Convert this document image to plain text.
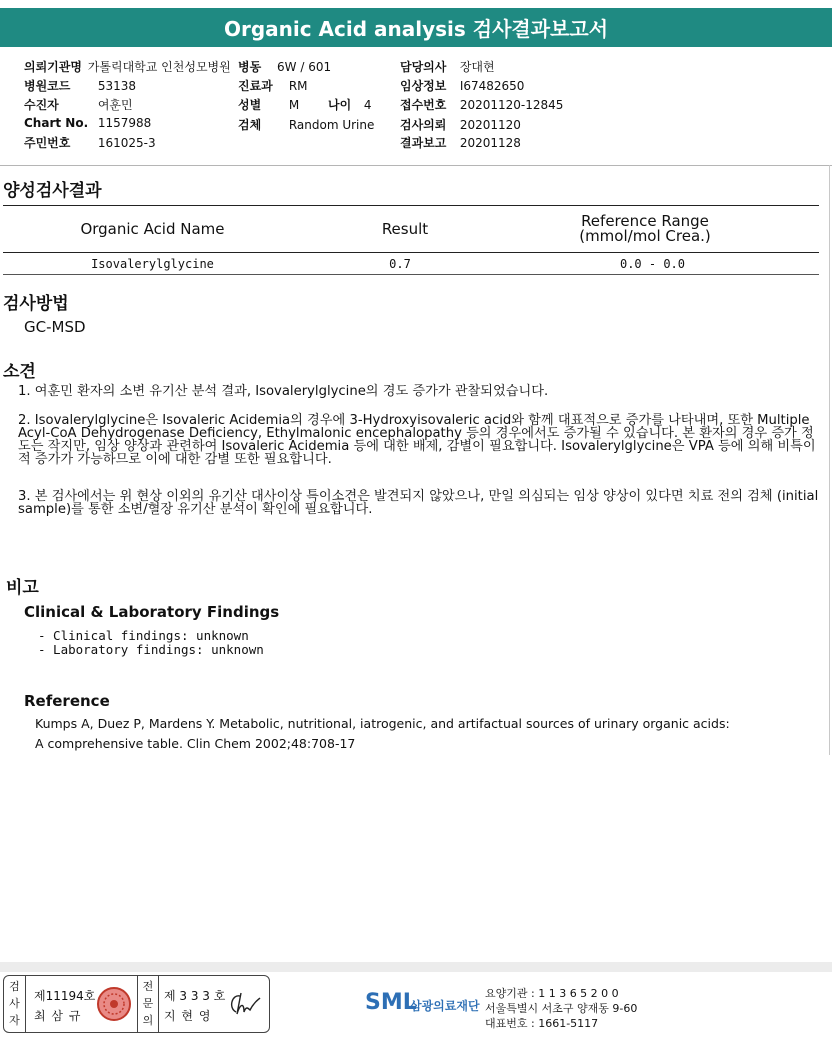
Organic Acid analysis 검사결과보고서
의뢰기관명 가톨릭대학교 인천성모병원 병동 6W / 601	담당의사 장대현
병원코드 53138	진료과 RM	임상정보 I67482650
수진자	여훈민	성별 M 나이 4 접수번호 20201120-12845
Chart No. 1157988	검체 Random Urine 검사의뢰 20201120
주민번호 161025-3	결과보고 20201128
양성검사결과
Organic Acid Name	Result	Reference Range
(mmol/mol Crea.)
Isovalerylglycine	0.7	0.0 - 0.0
검사방법
GC-MSD
소견
1. 여훈민 환자의 소변 유기산 분석 결과, Isovalerylglycine의 경도 증가가 관찰되었습니다.
2. Isovalerylglycine은 Isovaleric Acidemia의 경우에 3-Hydroxyisovaleric acid와 함께 대표적으로 증가를 나타내며, 또한 Multiple Acyl-CoA Dehydrogenase Deficiency, Ethylmalonic encephalopathy 등의 경우에서도 증가될 수 있습니다. 본 환자의 경우 증가 정도는 작지만, 임상 양상과 관련하여 Isovaleric Acidemia 등에 대한 배제, 감별이 필요합니다. Isovalerylglycine은 VPA 등에 의해 비특이적 증가가 가능하므로 이에 대한 감별 또한 필요합니다.
3. 본 검사에서는 위 현상 이외의 유기산 대사이상 특이소견은 발견되지 않았으나, 만일 의심되는 임상 양상이 있다면 치료 전의 검체 (initial sample)를 통한 소변/혈장 유기산 분석이 확인에 필요합니다.
비고
Clinical & Laboratory Findings
- Clinical findings: unknown
- Laboratory findings: unknown
Reference
Kumps A, Duez P, Mardens Y. Metabolic, nutritional, iatrogenic, and artifactual sources of urinary organic acids:
A comprehensive table. Clin Chem 2002;48:708-17
검
사
자
제11194호
최 삼 규
전
문
의
제 3 3 3 호
지 현 영
SML
삼광의료재단
요양기관 : 1 1 3 6 5 2 0 0
서울특별시 서초구 양재동 9-60
대표번호 : 1661-5117
